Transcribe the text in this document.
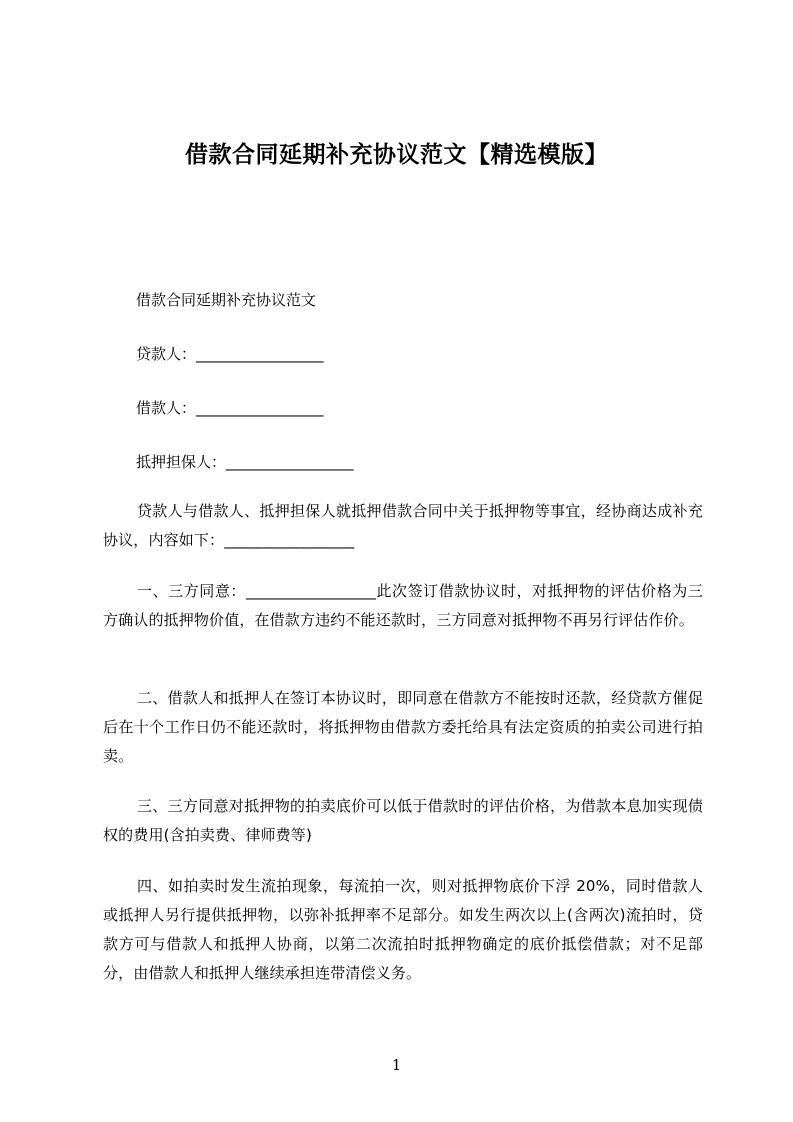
借款合同延期补充协议范文【精选模版】
借款合同延期补充协议范文
贷款人：_________________
借款人：_________________
抵押担保人：_________________

贷款人与借款人、抵押担保人就抵押借款合同中关于抵押物等事宜，经协商达成补充协议，内容如下：_________________

一、三方同意：_________________此次签订借款协议时，对抵押物的评估价格为三方确认的抵押物价值，在借款方违约不能还款时，三方同意对抵押物不再另行评估作价。

二、借款人和抵押人在签订本协议时，即同意在借款方不能按时还款，经贷款方催促后在十个工作日仍不能还款时，将抵押物由借款方委托给具有法定资质的拍卖公司进行拍卖。

三、三方同意对抵押物的拍卖底价可以低于借款时的评估价格，为借款本息加实现债权的费用(含拍卖费、律师费等)

四、如拍卖时发生流拍现象，每流拍一次，则对抵押物底价下浮 20%，同时借款人或抵押人另行提供抵押物，以弥补抵押率不足部分。如发生两次以上(含两次)流拍时，贷款方可与借款人和抵押人协商，以第二次流拍时抵押物确定的底价抵偿借款；对不足部分，由借款人和抵押人继续承担连带清偿义务。

1
